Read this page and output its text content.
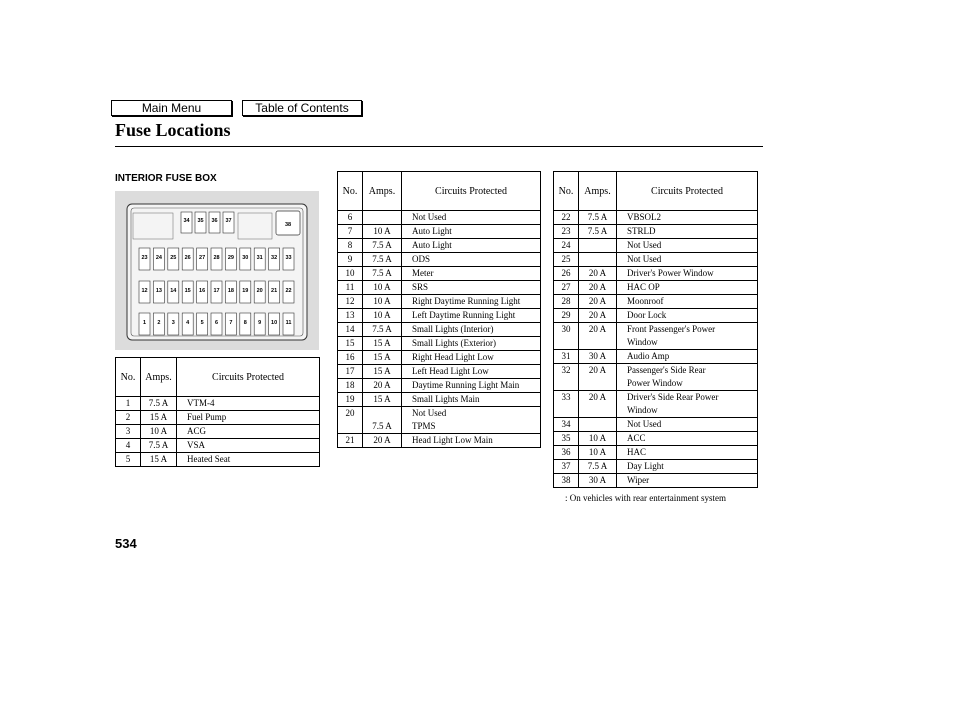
Main Menu	Table of Contents
Fuse Locations
INTERIOR FUSE BOX
34 35 36 37
38
23 24 25 26 27 28 29 30 31 32 33
12 13 14 15 16 17 18 19 20 21 22
1 2 3 4 5 6 7 8 9 10 11
No.	Amps.	Circuits Protected
1	7.5 A	VTM-4
2	15 A	Fuel Pump
3	10 A	ACG
4	7.5 A	VSA
5	15 A	Heated Seat
No.	Amps.	Circuits Protected
6		Not Used
7	10 A	Auto Light
8	7.5 A	Auto Light
9	7.5 A	ODS
10	7.5 A	Meter
11	10 A	SRS
12	10 A	Right Daytime Running Light
13	10 A	Left Daytime Running Light
14	7.5 A	Small Lights (Interior)
15	15 A	Small Lights (Exterior)
16	15 A	Right Head Light Low
17	15 A	Left Head Light Low
18	20 A	Daytime Running Light Main
19	15 A	Small Lights Main
20		Not Used
	7.5 A	TPMS
21	20 A	Head Light Low Main
No.	Amps.	Circuits Protected
22	7.5 A	VBSOL2
23	7.5 A	STRLD
24		Not Used
25		Not Used
26	20 A	Driver's Power Window
27	20 A	HAC OP
28	20 A	Moonroof
29	20 A	Door Lock
30	20 A	Front Passenger's Power
		Window
31	30 A	Audio Amp
32	20 A	Passenger's Side Rear
		Power Window
33	20 A	Driver's Side Rear Power
		Window
34		Not Used
35	10 A	ACC
36	10 A	HAC
37	7.5 A	Day Light
38	30 A	Wiper
: On vehicles with rear entertainment system
534
